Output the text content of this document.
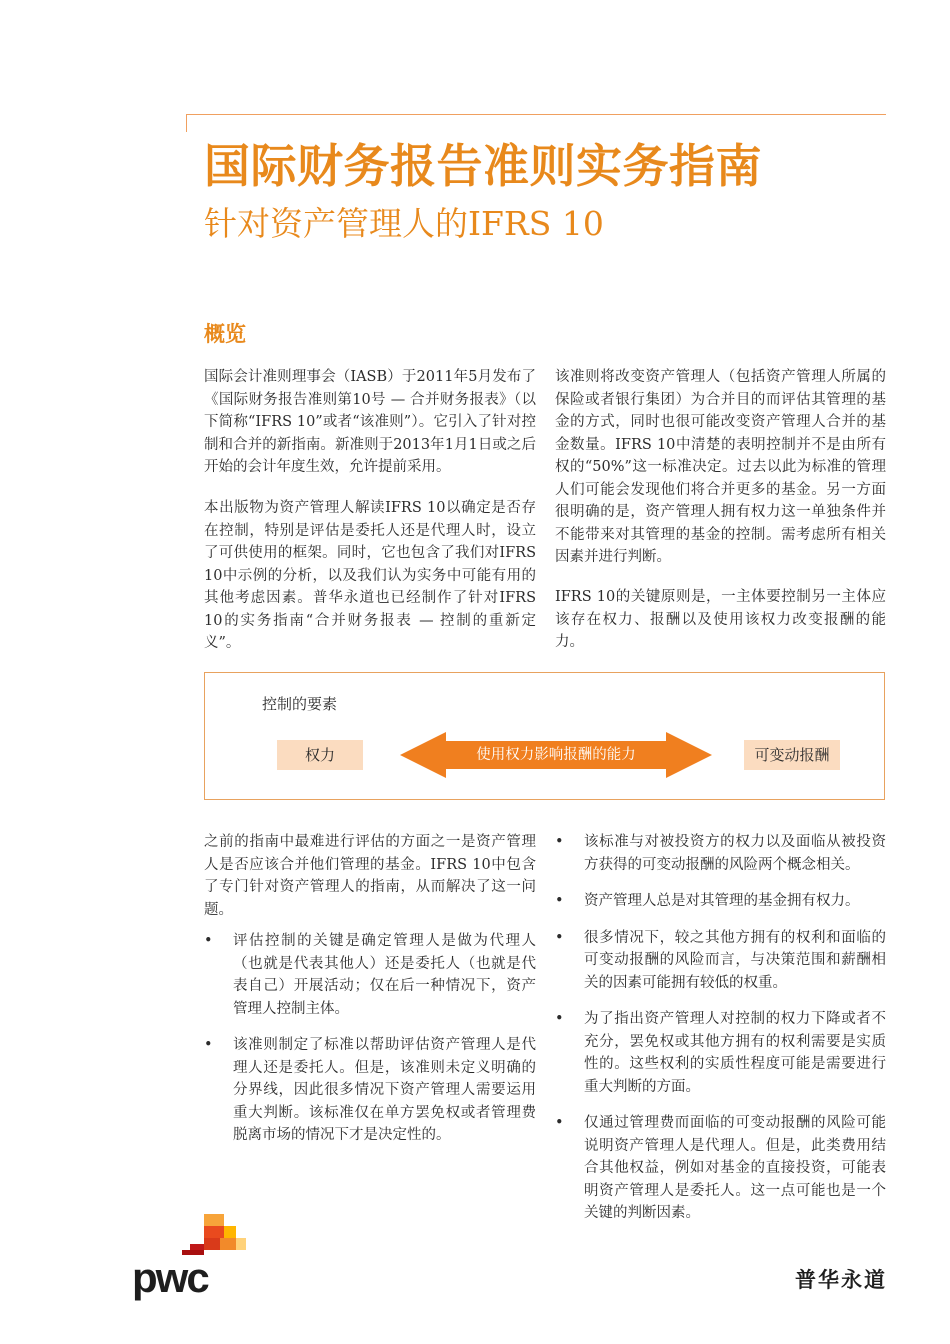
国际财务报告准则实务指南
针对资产管理人的IFRS 10
概览

国际会计准则理事会（IASB）于2011年5月发布了《国际财务报告准则第10号 — 合并财务报表》（以下简称“IFRS 10”或者“该准则”）。它引入了针对控制和合并的新指南。新准则于2013年1月1日或之后开始的会计年度生效，允许提前采用。

本出版物为资产管理人解读IFRS 10以确定是否存在控制，特别是评估是委托人还是代理人时，设立了可供使用的框架。同时，它也包含了我们对IFRS 10中示例的分析，以及我们认为实务中可能有用的其他考虑因素。普华永道也已经制作了针对IFRS 10的实务指南“合并财务报表 — 控制的重新定义”。

该准则将改变资产管理人（包括资产管理人所属的保险或者银行集团）为合并目的而评估其管理的基金的方式，同时也很可能改变资产管理人合并的基金数量。IFRS 10中清楚的表明控制并不是由所有权的“50%”这一标准决定。过去以此为标准的管理人们可能会发现他们将合并更多的基金。另一方面很明确的是，资产管理人拥有权力这一单独条件并不能带来对其管理的基金的控制。需考虑所有相关因素并进行判断。

IFRS 10的关键原则是，一主体要控制另一主体应该存在权力、报酬以及使用该权力改变报酬的能力。

控制的要素
权力	使用权力影响报酬的能力	可变动报酬

之前的指南中最难进行评估的方面之一是资产管理人是否应该合并他们管理的基金。IFRS 10中包含了专门针对资产管理人的指南，从而解决了这一问题。

• 评估控制的关键是确定管理人是做为代理人（也就是代表其他人）还是委托人（也就是代表自己）开展活动；仅在后一种情况下，资产管理人控制主体。
• 该准则制定了标准以帮助评估资产管理人是代理人还是委托人。但是，该准则未定义明确的分界线，因此很多情况下资产管理人需要运用重大判断。该标准仅在单方罢免权或者管理费脱离市场的情况下才是决定性的。
• 该标准与对被投资方的权力以及面临从被投资方获得的可变动报酬的风险两个概念相关。
• 资产管理人总是对其管理的基金拥有权力。
• 很多情况下，较之其他方拥有的权利和面临的可变动报酬的风险而言，与决策范围和薪酬相关的因素可能拥有较低的权重。
• 为了指出资产管理人对控制的权力下降或者不充分，罢免权或其他方拥有的权利需要是实质性的。这些权利的实质性程度可能是需要进行重大判断的方面。
• 仅通过管理费而面临的可变动报酬的风险可能说明资产管理人是代理人。但是，此类费用结合其他权益，例如对基金的直接投资，可能表明资产管理人是委托人。这一点可能也是一个关键的判断因素。
pwc	普华永道
